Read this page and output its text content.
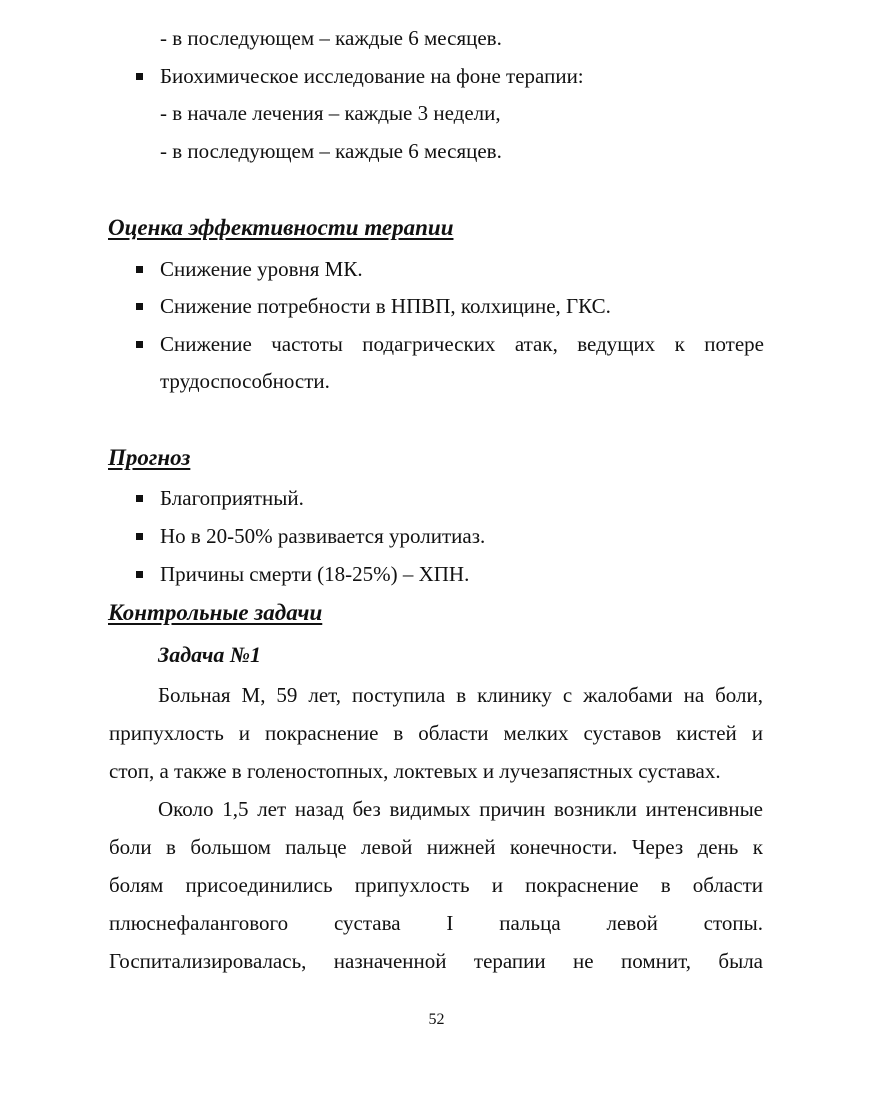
- в последующем – каждые 6 месяцев.
Биохимическое исследование на фоне терапии:
- в начале лечения – каждые 3 недели,
- в последующем – каждые 6 месяцев.
Оценка эффективности терапии
Снижение уровня МК.
Снижение потребности в НПВП, колхицине, ГКС.
Снижение частоты подагрических атак, ведущих к потере
трудоспособности.
Прогноз
Благоприятный.
Но в 20-50% развивается уролитиаз.
Причины смерти (18-25%) – ХПН.
Контрольные задачи
Задача №1
Больная М, 59 лет, поступила в клинику с жалобами на боли,
припухлость и покраснение в области мелких суставов кистей и
стоп, а также в голеностопных, локтевых и лучезапястных суставах.
Около 1,5 лет назад без видимых причин возникли интенсивные
боли в большом пальце левой нижней конечности. Через день к
болям присоединились припухлость и покраснение в области
плюснефалангового сустава I пальца левой стопы.
Госпитализировалась, назначенной терапии не помнит, была
52
